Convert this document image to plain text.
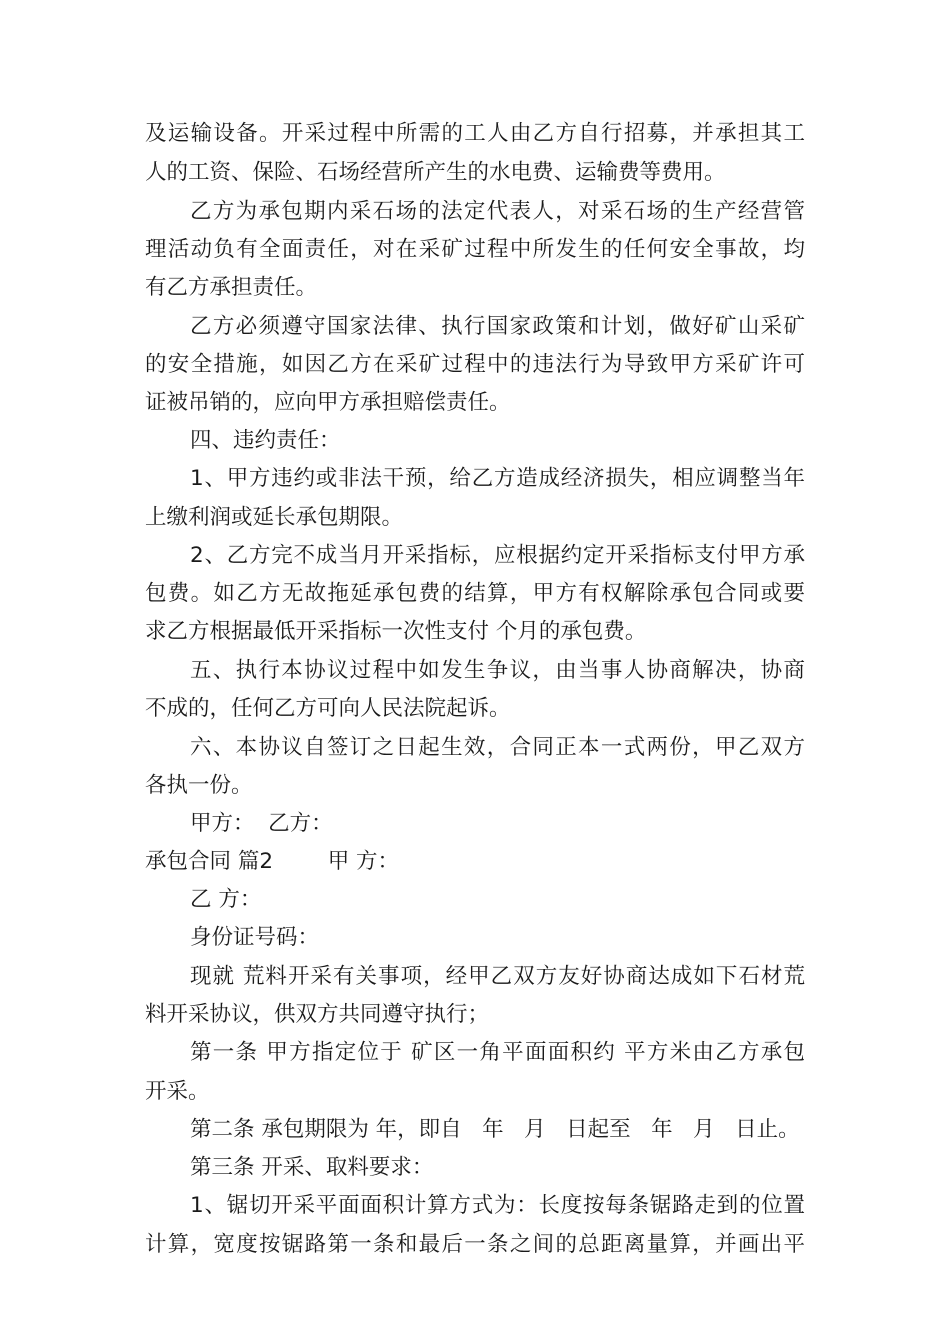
及运输设备。开采过程中所需的工人由乙方自行招募，并承担其工
人的工资、保险、石场经营所产生的水电费、运输费等费用。
乙方为承包期内采石场的法定代表人，对采石场的生产经营管
理活动负有全面责任，对在采矿过程中所发生的任何安全事故，均
有乙方承担责任。
乙方必须遵守国家法律、执行国家政策和计划，做好矿山采矿
的安全措施，如因乙方在采矿过程中的违法行为导致甲方采矿许可
证被吊销的，应向甲方承担赔偿责任。
四、违约责任：
1、甲方违约或非法干预，给乙方造成经济损失，相应调整当年
上缴利润或延长承包期限。
2、乙方完不成当月开采指标，应根据约定开采指标支付甲方承
包费。如乙方无故拖延承包费的结算，甲方有权解除承包合同或要
求乙方根据最低开采指标一次性支付 个月的承包费。
五、执行本协议过程中如发生争议，由当事人协商解决，协商
不成的，任何乙方可向人民法院起诉。
六、本协议自签订之日起生效，合同正本一式两份，甲乙双方
各执一份。
甲方：  乙方：
承包合同 篇2        甲 方：
乙 方：
身份证号码：
现就 荒料开采有关事项，经甲乙双方友好协商达成如下石材荒
料开采协议，供双方共同遵守执行；
第一条 甲方指定位于 矿区一角平面面积约 平方米由乙方承包
开采。
第二条 承包期限为 年，即自   年   月   日起至   年   月   日止。
第三条 开采、取料要求：
1、锯切开采平面面积计算方式为：长度按每条锯路走到的位置
计算，宽度按锯路第一条和最后一条之间的总距离量算，并画出平
